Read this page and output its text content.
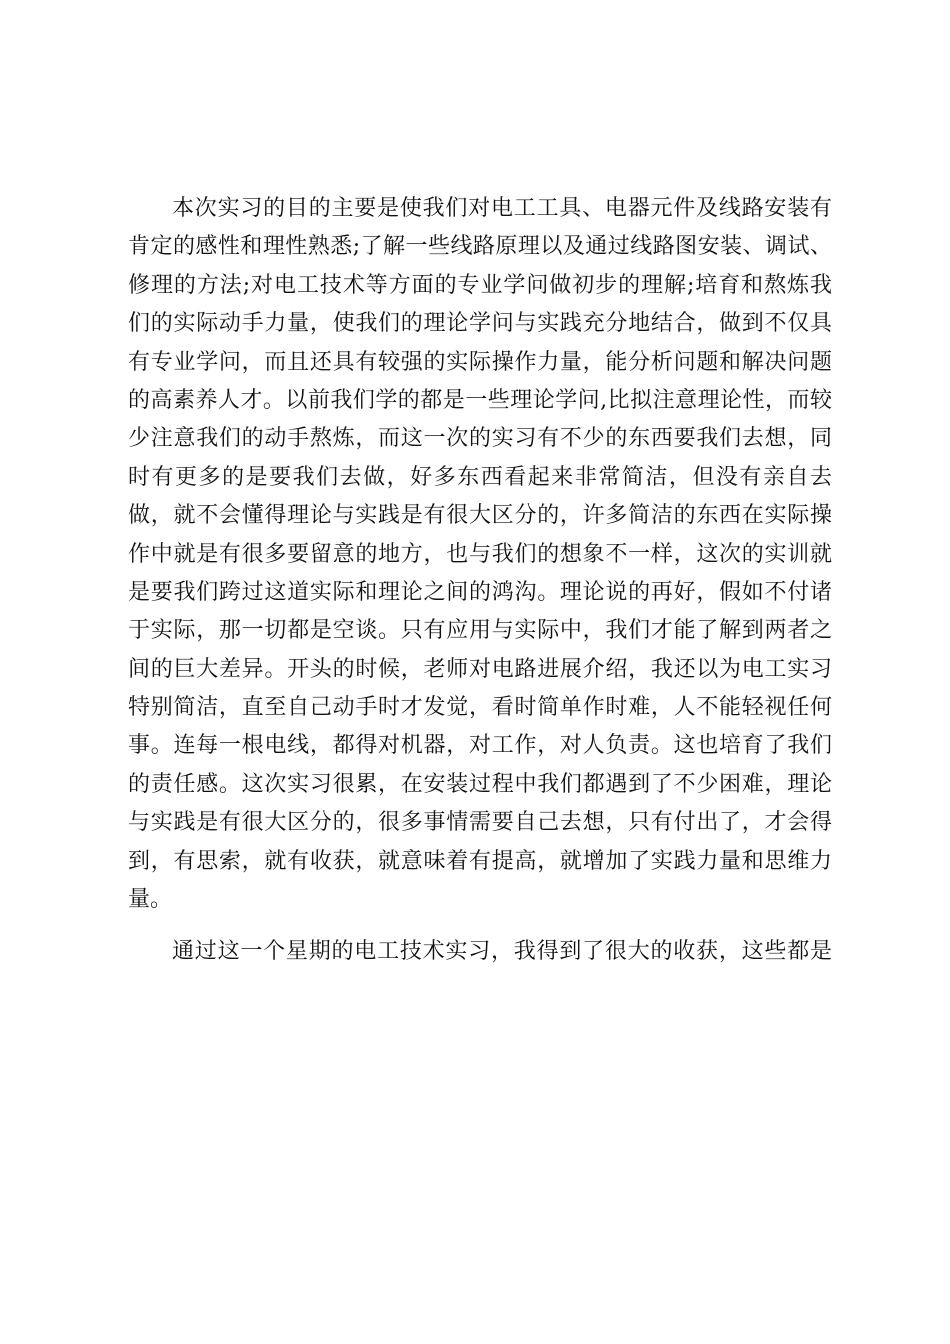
本次实习的目的主要是使我们对电工工具、电器元件及线路安装有
肯定的感性和理性熟悉;了解一些线路原理以及通过线路图安装、调试、
修理的方法;对电工技术等方面的专业学问做初步的理解;培育和熬炼我
们的实际动手力量，使我们的理论学问与实践充分地结合，做到不仅具
有专业学问，而且还具有较强的实际操作力量，能分析问题和解决问题
的高素养人才。以前我们学的都是一些理论学问,比拟注意理论性，而较
少注意我们的动手熬炼，而这一次的实习有不少的东西要我们去想，同
时有更多的是要我们去做，好多东西看起来非常简洁，但没有亲自去
做，就不会懂得理论与实践是有很大区分的，许多简洁的东西在实际操
作中就是有很多要留意的地方，也与我们的想象不一样，这次的实训就
是要我们跨过这道实际和理论之间的鸿沟。理论说的再好，假如不付诸
于实际，那一切都是空谈。只有应用与实际中，我们才能了解到两者之
间的巨大差异。开头的时候，老师对电路进展介绍，我还以为电工实习
特别简洁，直至自己动手时才发觉，看时简单作时难，人不能轻视任何
事。连每一根电线，都得对机器，对工作，对人负责。这也培育了我们
的责任感。这次实习很累，在安装过程中我们都遇到了不少困难，理论
与实践是有很大区分的，很多事情需要自己去想，只有付出了，才会得
到，有思索，就有收获，就意味着有提高，就增加了实践力量和思维力
量。
通过这一个星期的电工技术实习，我得到了很大的收获，这些都是
